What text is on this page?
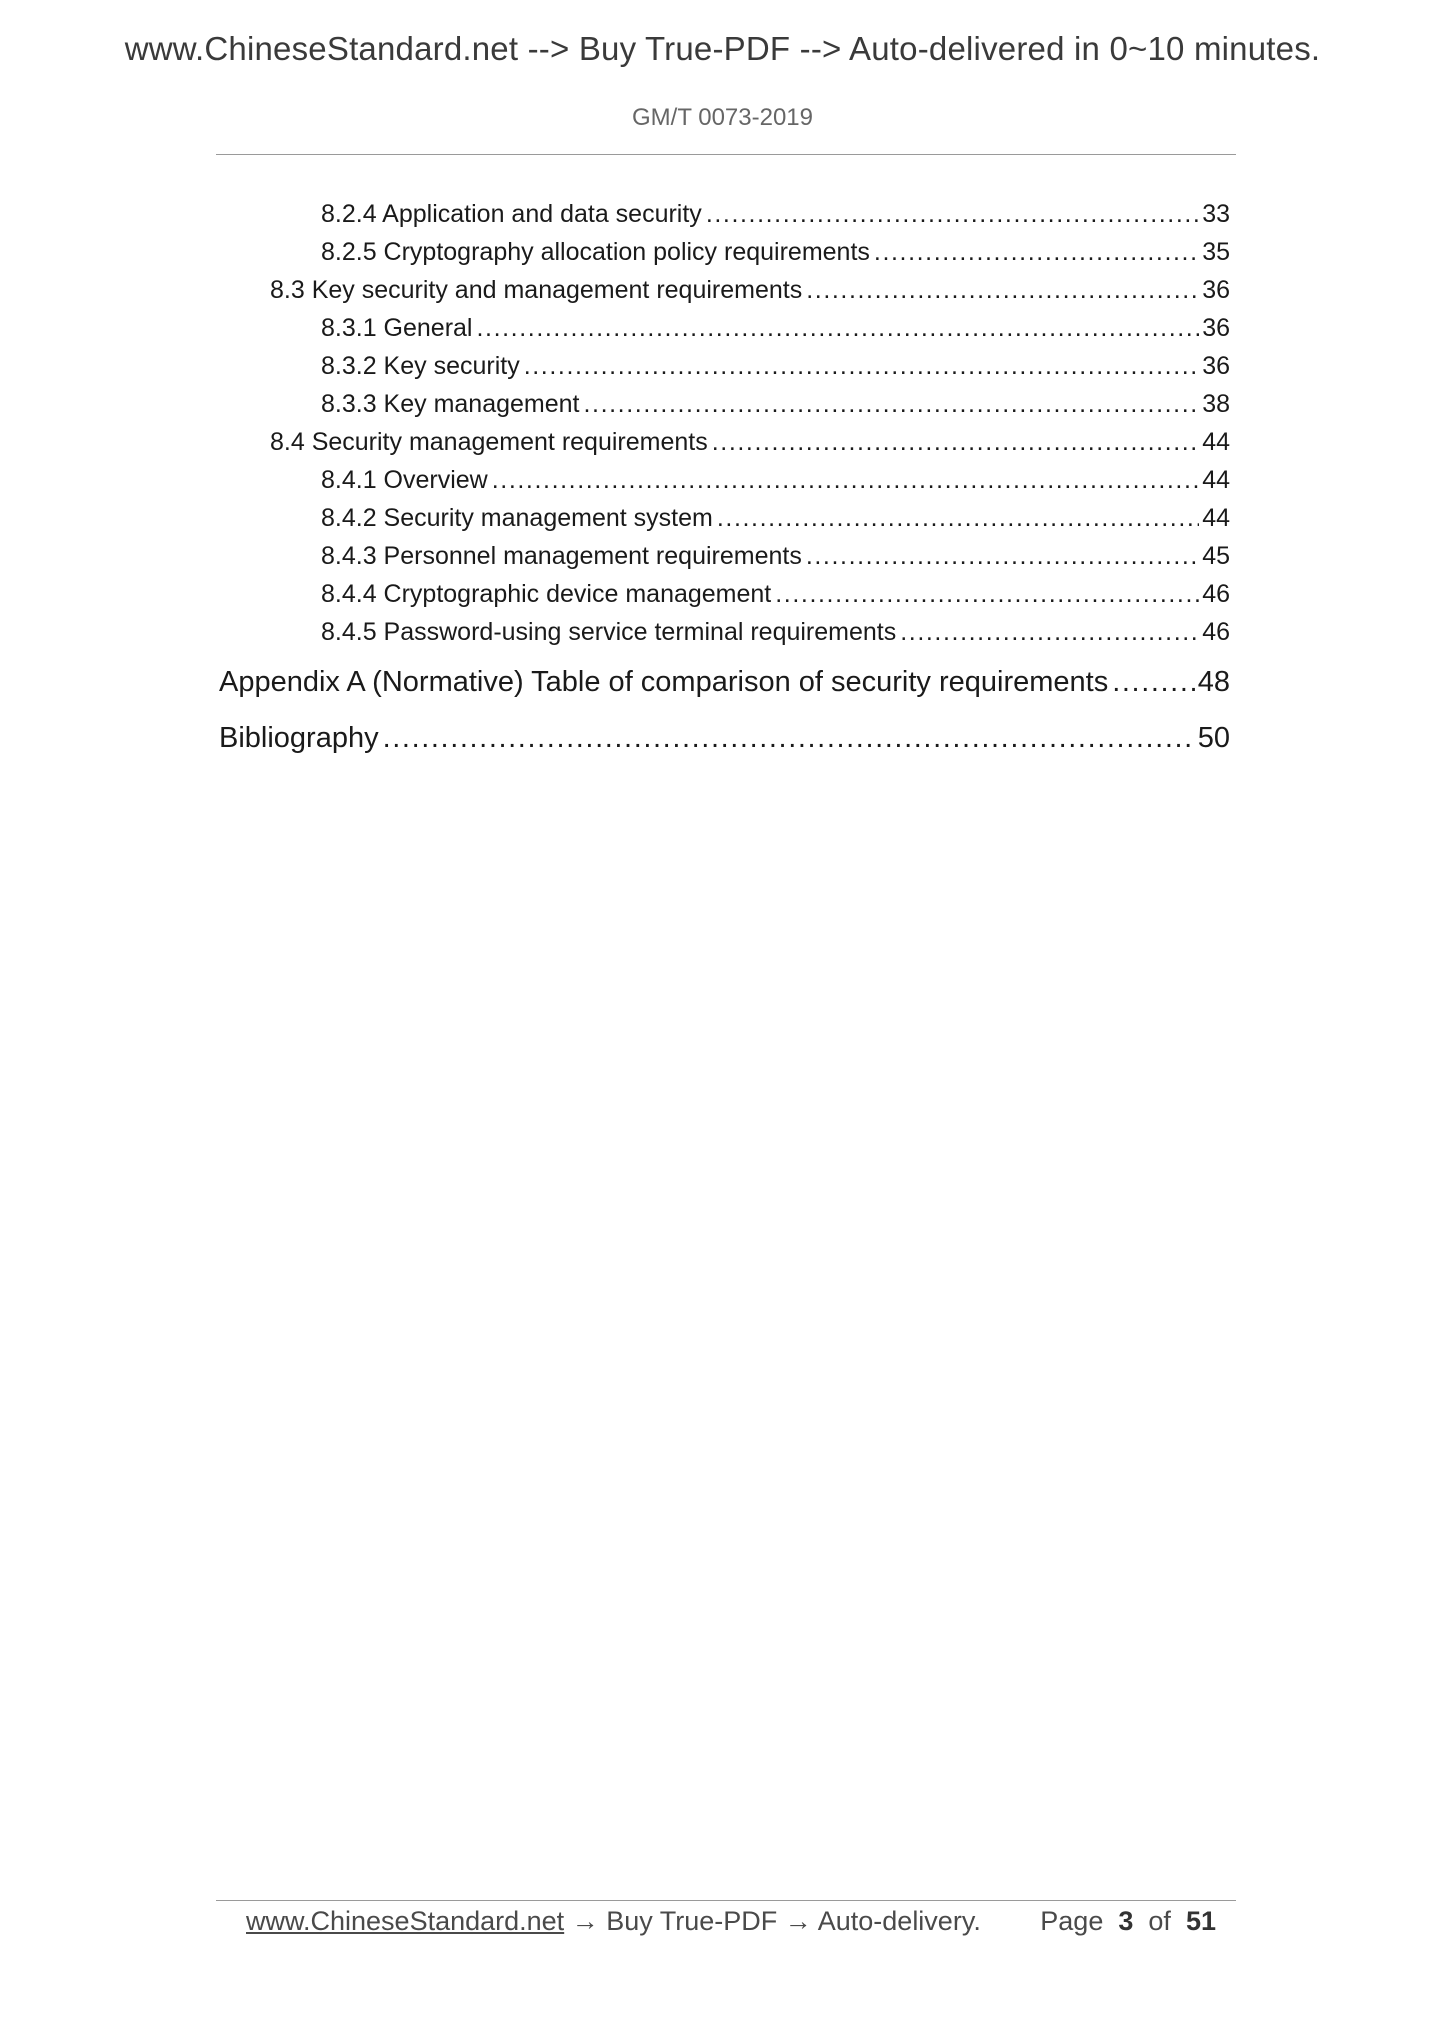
www.ChineseStandard.net --> Buy True-PDF --> Auto-delivered in 0~10 minutes.
GM/T 0073-2019
8.2.4 Application and data security .....	33
8.2.5 Cryptography allocation policy requirements .....	35
8.3 Key security and management requirements .....	36
8.3.1 General .....	36
8.3.2 Key security .....	36
8.3.3 Key management .....	38
8.4 Security management requirements .....	44
8.4.1 Overview .....	44
8.4.2 Security management system .....	44
8.4.3 Personnel management requirements .....	45
8.4.4 Cryptographic device management .....	46
8.4.5 Password-using service terminal requirements .....	46
Appendix A (Normative) Table of comparison of security requirements .....	48
Bibliography .....	50
www.ChineseStandard.net → Buy True-PDF → Auto-delivery. Page 3 of 51
